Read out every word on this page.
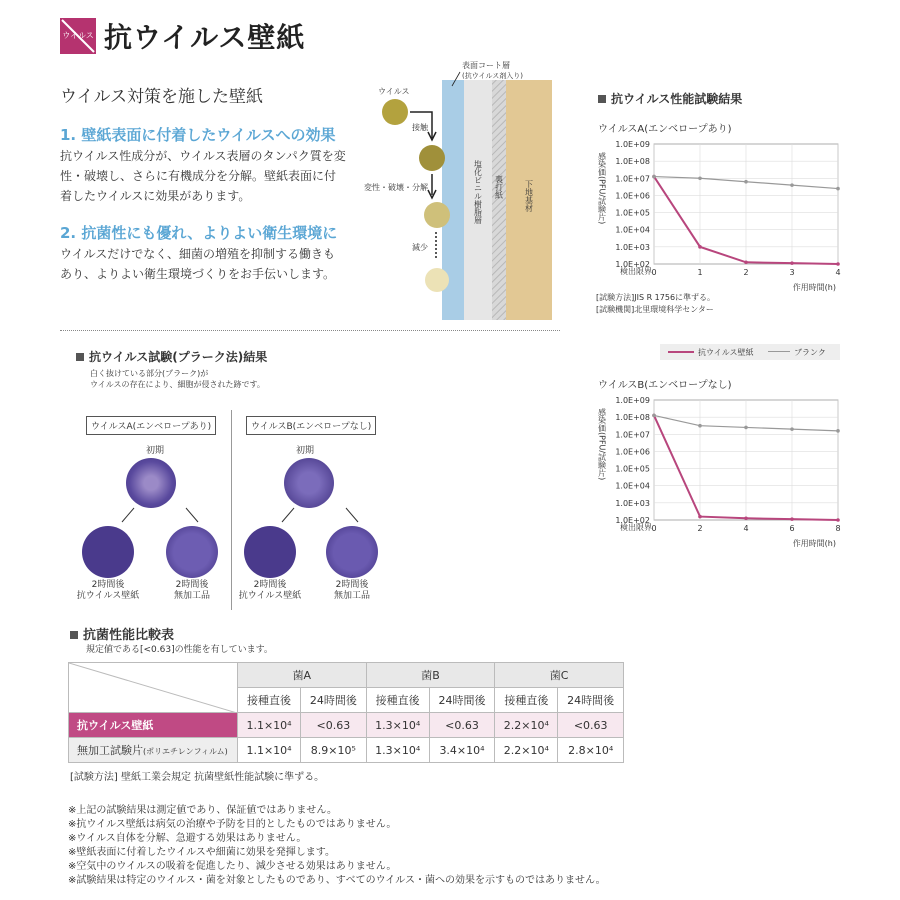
ウイルス 抗ウイルス壁紙
ウイルス対策を施した壁紙
1. 壁紙表面に付着したウイルスへの効果
抗ウイルス性成分が、ウイルス表層のタンパク質を変
性・破壊し、さらに有機成分を分解。壁紙表面に付
着したウイルスに効果があります。
2. 抗菌性にも優れ、よりよい衛生環境に
ウイルスだけでなく、細菌の増殖を抑制する働きも
あり、よりよい衛生環境づくりをお手伝いします。
ウイルス
接触
変性・破壊・分解
減少
表面コート層
(抗ウイルス剤入り)
塩化ビニル樹脂層 裏打紙	下地基材
抗ウイルス性能試験結果
ウイルスA(エンベロープあり)
1.0E+02
1.0E+03
1.0E+04
1.0E+05
1.0E+06
1.0E+07
1.0E+08
1.0E+09
0	1	2	3	4
検出限界
作用時間(h)
感染価(PFU/試験片)
[試験方法]JIS R 1756に準ずる。
[試験機関]北里環境科学センター
抗ウイルス壁紙	ブランク
ウイルスB(エンベロープなし)
1.0E+02
1.0E+03
1.0E+04
1.0E+05
1.0E+06
1.0E+07
1.0E+08
1.0E+09
0	2	4	6	8
検出限界
作用時間(h)
感染価(PFU/試験片)
抗ウイルス試験(プラーク法)結果
白く抜けている部分(プラーク)が
ウイルスの存在により、細胞が侵された跡です。
ウイルスA(エンベロープあり)	ウイルスB(エンベロープなし)
初期
2時間後
抗ウイルス壁紙
2時間後
無加工品
初期
2時間後
抗ウイルス壁紙
2時間後
無加工品
抗菌性能比較表
規定値である[<0.63]の性能を有しています。
	菌A		菌B		菌C	
	接種直後	24時間後	接種直後	24時間後	接種直後	24時間後
抗ウイルス壁紙	1.1×10⁴	<0.63	1.3×10⁴	<0.63	2.2×10⁴	<0.63
無加工試験片(ポリエチレンフィルム)	1.1×10⁴	8.9×10⁵	1.3×10⁴	3.4×10⁴	2.2×10⁴	2.8×10⁴
[試験方法] 壁紙工業会規定 抗菌壁紙性能試験に準ずる。
※上記の試験結果は測定値であり、保証値ではありません。
※抗ウイルス壁紙は病気の治療や予防を目的としたものではありません。
※ウイルス自体を分解、急避する効果はありません。
※壁紙表面に付着したウイルスや細菌に効果を発揮します。
※空気中のウイルスの吸着を促進したり、減少させる効果はありません。
※試験結果は特定のウイルス・菌を対象としたものであり、すべてのウイルス・菌への効果を示すものではありません。
